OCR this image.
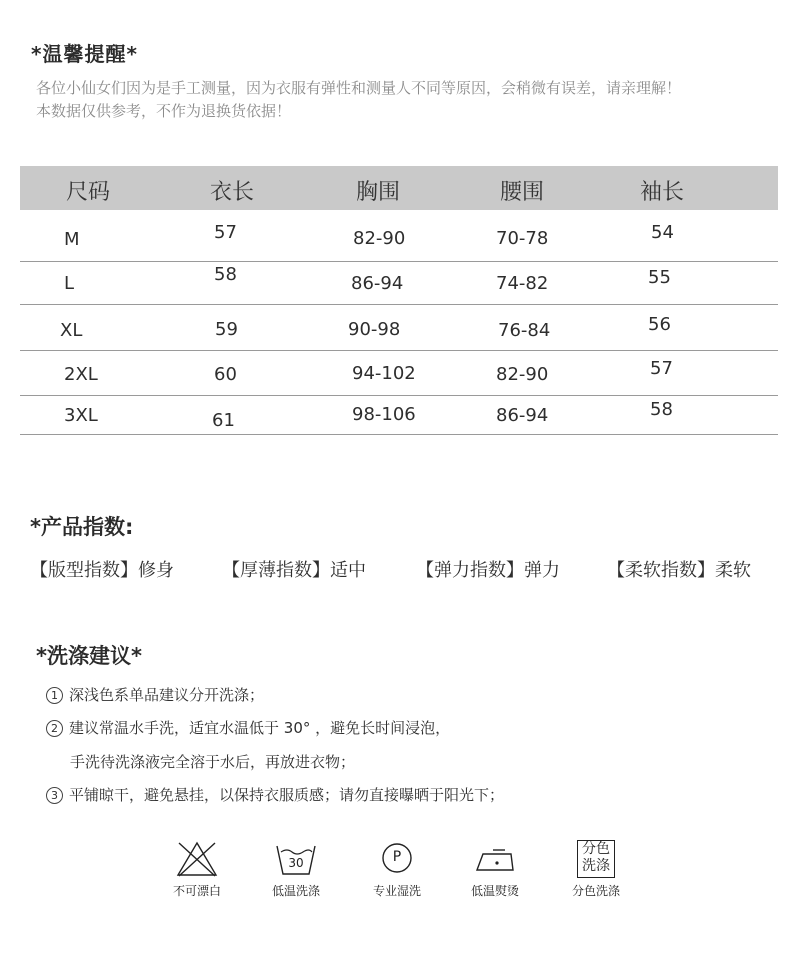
*温馨提醒*
各位小仙女们因为是手工测量，因为衣服有弹性和测量人不同等原因，会稍微有误差，请亲理解！
本数据仅供参考，不作为退换货依据！
尺码	衣长	胸围	腰围	袖长
M	57	82-90	70-78	54
L	58	86-94	74-82	55
XL	59	90-98	76-84	56
2XL	60	94-102	82-90	57
3XL	61	98-106	86-94	58
*产品指数:
【版型指数】修身	【厚薄指数】适中	【弹力指数】弹力	【柔软指数】柔软
*洗涤建议*
1 深浅色系单品建议分开洗涤；
2 建议常温水手洗，适宜水温低于 30° ，避免长时间浸泡，
手洗待洗涤液完全溶于水后，再放进衣物；
3 平铺晾干，避免悬挂，以保持衣服质感；请勿直接曝晒于阳光下；
不可漂白
30
低温洗涤
P
专业湿洗	低温熨烫
分色
洗涤
分色洗涤
